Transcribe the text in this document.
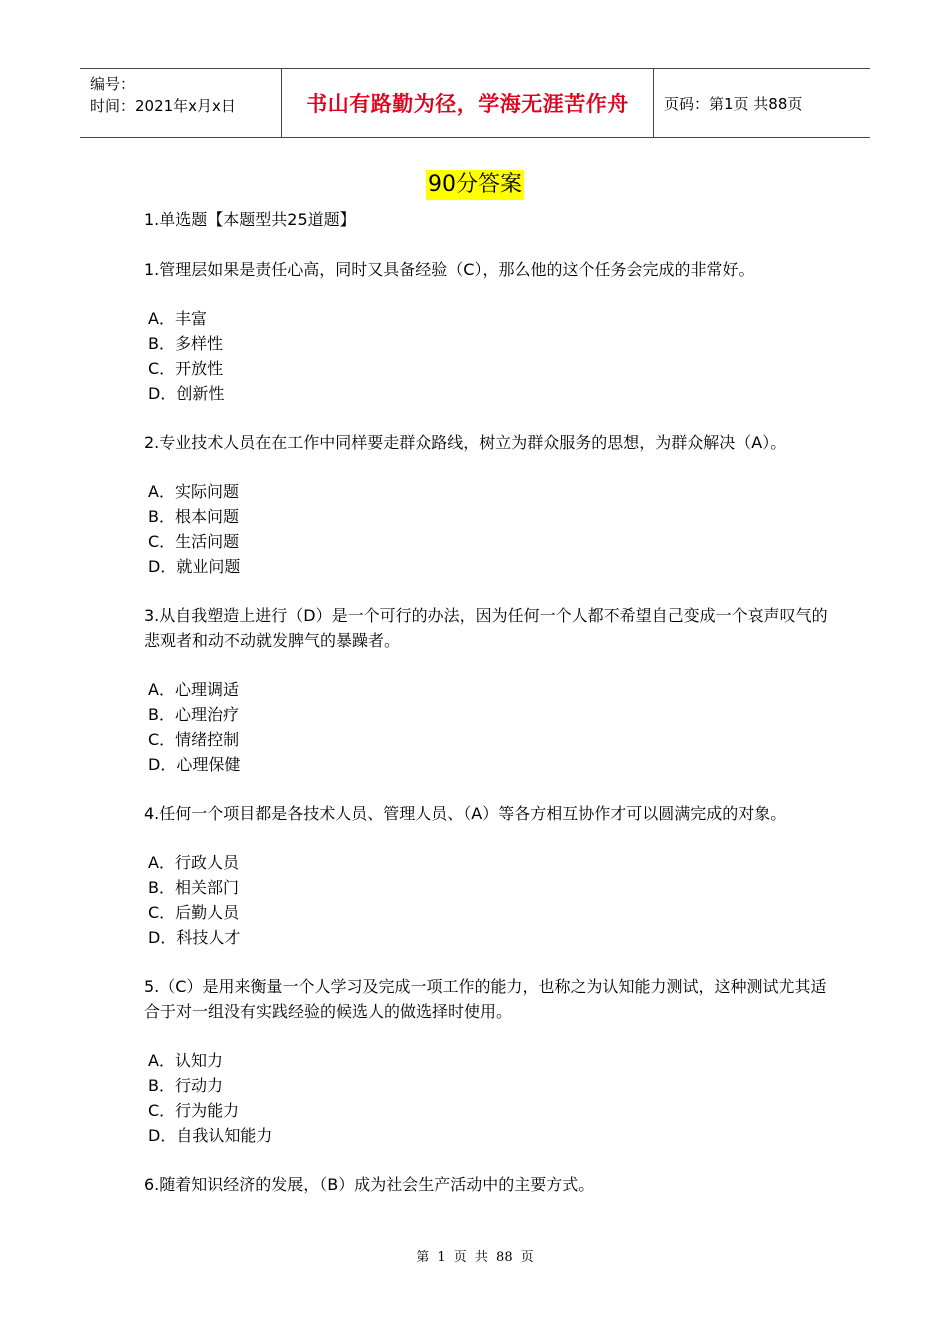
编号：
时间：2021年x月x日	书山有路勤为径，学海无涯苦作舟	页码：第1页 共88页
90分答案
1.单选题【本题型共25道题】
1.管理层如果是责任心高，同时又具备经验（C），那么他的这个任务会完成的非常好。
A．丰富
B．多样性
C．开放性
D．创新性
2.专业技术人员在在工作中同样要走群众路线，树立为群众服务的思想，为群众解决（A）。
A．实际问题
B．根本问题
C．生活问题
D．就业问题
3.从自我塑造上进行（D）是一个可行的办法，因为任何一个人都不希望自己变成一个哀声叹气的悲观者和动不动就发脾气的暴躁者。
A．心理调适
B．心理治疗
C．情绪控制
D．心理保健
4.任何一个项目都是各技术人员、管理人员、（A）等各方相互协作才可以圆满完成的对象。
A．行政人员
B．相关部门
C．后勤人员
D．科技人才
5.（C）是用来衡量一个人学习及完成一项工作的能力，也称之为认知能力测试，这种测试尤其适合于对一组没有实践经验的候选人的做选择时使用。
A．认知力
B．行动力
C．行为能力
D．自我认知能力
6.随着知识经济的发展，（B）成为社会生产活动中的主要方式。
第 1 页 共 88 页
